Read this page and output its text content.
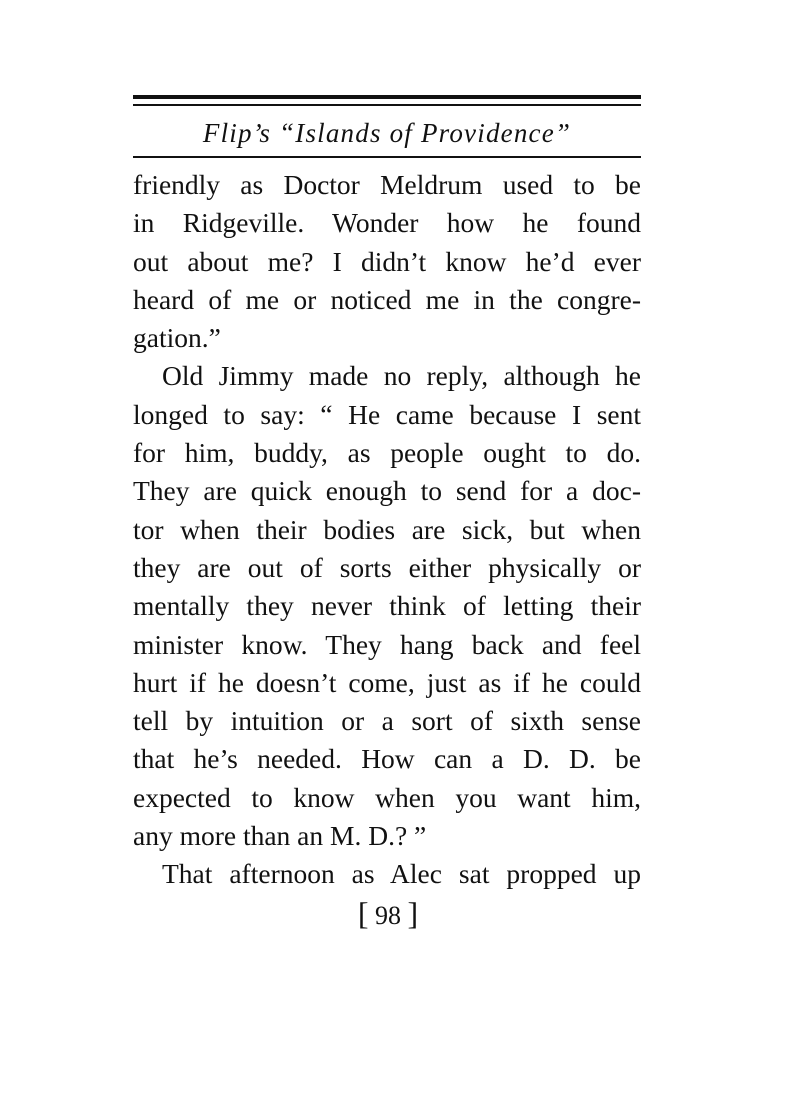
Flip’s “Islands of Providence”
friendly as Doctor Meldrum used to be
in Ridgeville. Wonder how he found
out about me? I didn’t know he’d ever
heard of me or noticed me in the congre-
gation.”
Old Jimmy made no reply, although he
longed to say: “ He came because I sent
for him, buddy, as people ought to do.
They are quick enough to send for a doc-
tor when their bodies are sick, but when
they are out of sorts either physically or
mentally they never think of letting their
minister know. They hang back and feel
hurt if he doesn’t come, just as if he could
tell by intuition or a sort of sixth sense
that he’s needed. How can a D. D. be
expected to know when you want him,
any more than an M. D.? ”
That afternoon as Alec sat propped up
[ 98 ]
